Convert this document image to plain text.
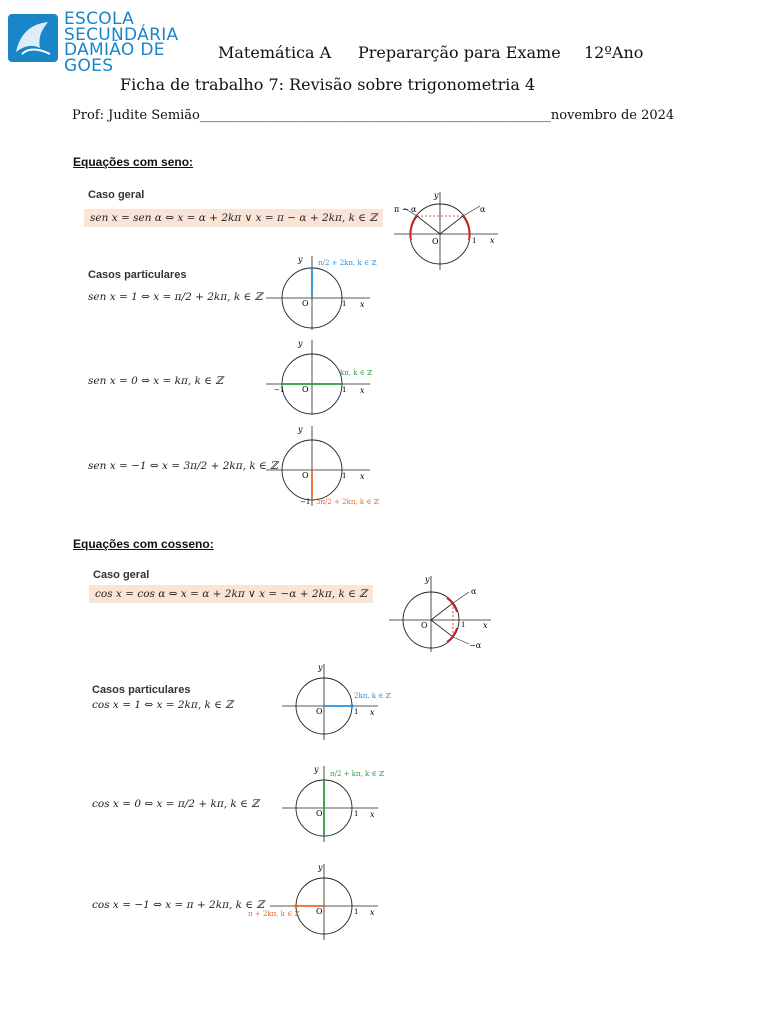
ESCOLA
SECUNDÁRIA
DAMIÃO DE GOES
Matemática A Prepararção para Exame 12ºAno
Ficha de trabalho 7: Revisão sobre trigonometria 4
Prof: Judite Semião______________________________________________________novembro de 2024
Equações com seno:
Caso geral
sen x = sen α ⇔ x = α + 2kπ ∨ x = π − α + 2kπ, k ∈ ℤ
α
π − α
O	1 x
y
Casos particulares
sen x = 1 ⇔ x = π/2 + 2kπ, k ∈ ℤ
π/2 + 2kπ, k ∈ ℤ
O	1 x
y
sen x = 0 ⇔ x = kπ, k ∈ ℤ
kπ, k ∈ ℤ
−1 O	1 x
y
sen x = −1 ⇔ x = 3π/2 + 2kπ, k ∈ ℤ
3π/2 + 2kπ, k ∈ ℤ
O	1
−1
x
y
Equações com cosseno:
Caso geral
cos x = cos α ⇔ x = α + 2kπ ∨ x = −α + 2kπ, k ∈ ℤ	α
−α
O	1 x
y
Casos particulares
cos x = 1 ⇔ x = 2kπ, k ∈ ℤ
2kπ, k ∈ ℤ
O	1 x
y
cos x = 0 ⇔ x = π/2 + kπ, k ∈ ℤ
π/2 + kπ, k ∈ ℤ
O	1 x
y
cos x = −1 ⇔ x = π + 2kπ, k ∈ ℤ
π + 2kπ, k ∈ ℤ O	1 x
y
